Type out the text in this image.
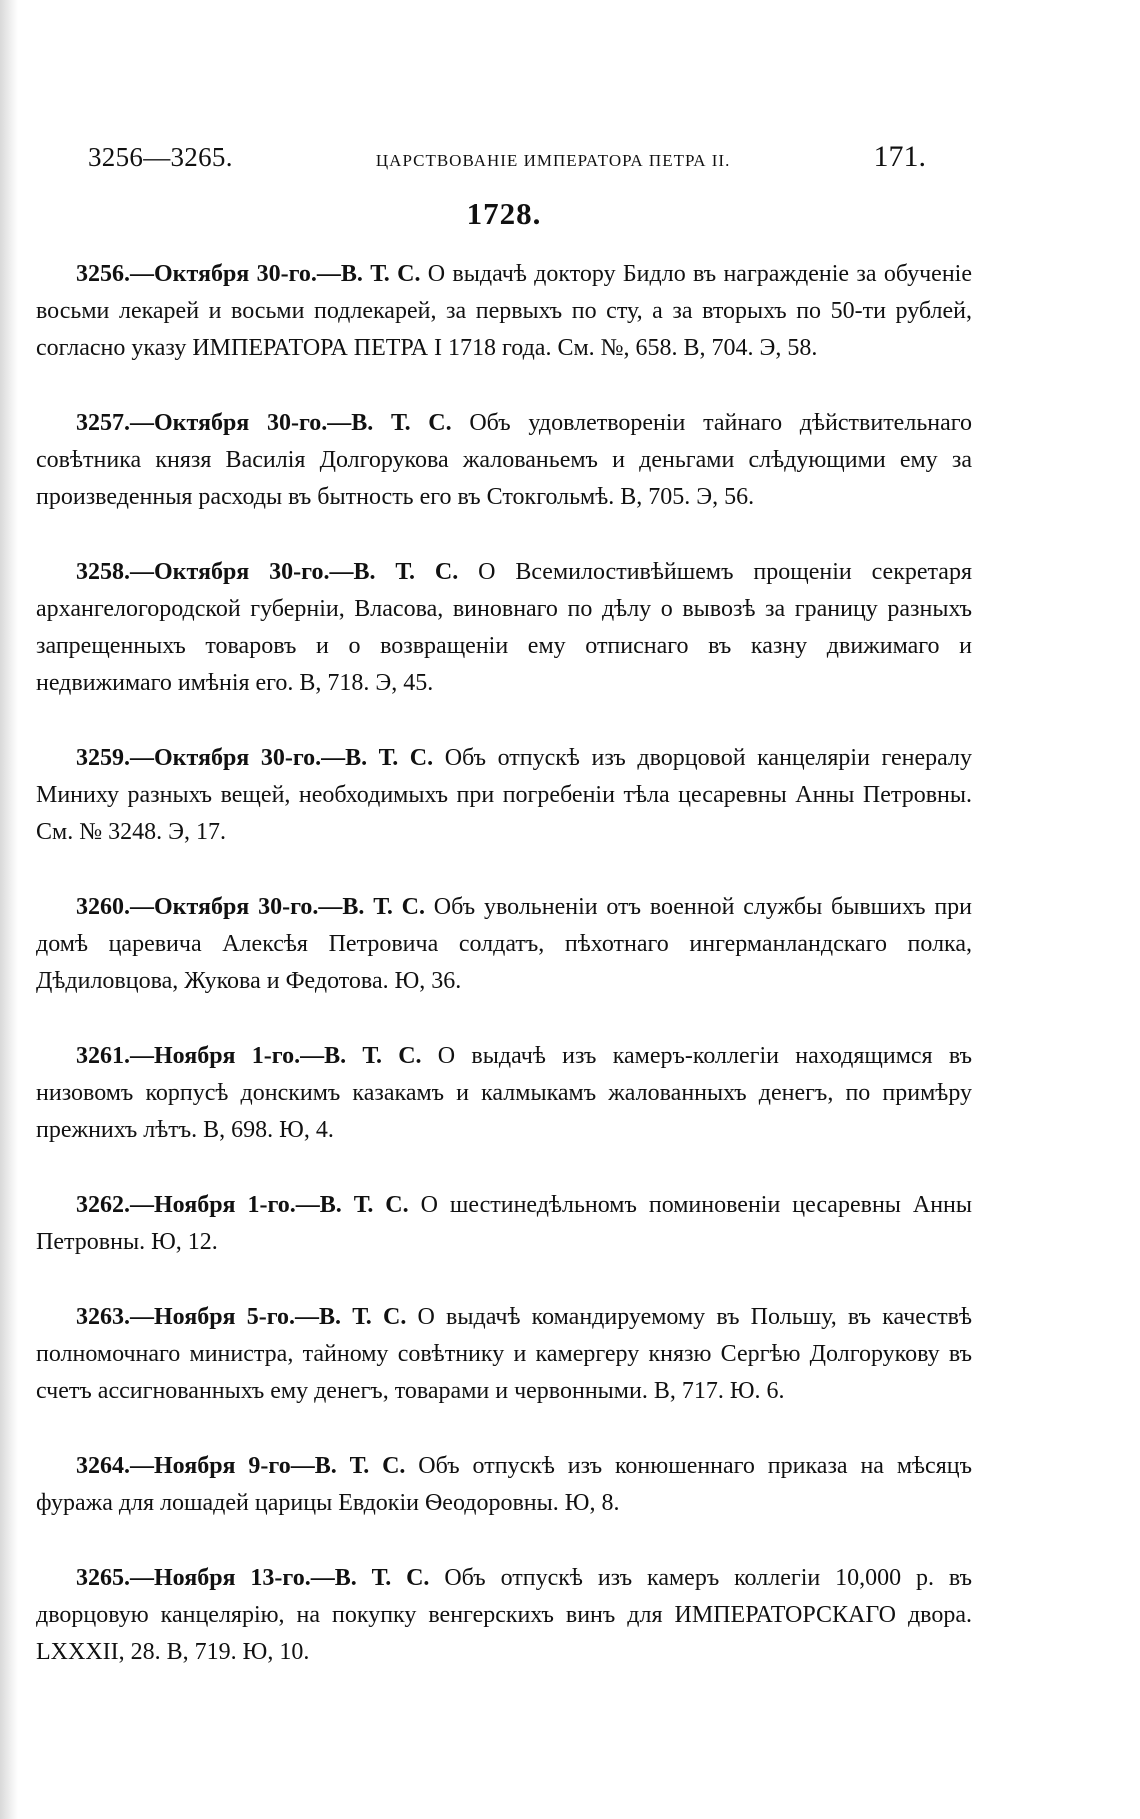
3256—3265.	ЦАРСТВОВАНІЕ ИМПЕРАТОРА ПЕТРА II.	171.
1728.

3256.—Октября 30-го.—В. Т. С. О выдачѣ доктору Бидло въ награжденіе за обученіе восьми лекарей и восьми подлекарей, за первыхъ по сту, а за вторыхъ по 50-ти рублей, согласно указу ИМПЕРАТОРА ПЕТРА I 1718 года. См. №, 658. В, 704. Э, 58.

3257.—Октября 30-го.—В. Т. С. Объ удовлетвореніи тайнаго дѣйствительнаго совѣтника князя Василія Долгорукова жалованьемъ и деньгами слѣдующими ему за произведенныя расходы въ бытность его въ Стокгольмѣ. В, 705. Э, 56.

3258.—Октября 30-го.—В. Т. С. О Всемилостивѣйшемъ прощеніи секретаря архангелогородской губерніи, Власова, виновнаго по дѣлу о вывозѣ за границу разныхъ запрещенныхъ товаровъ и о возвращеніи ему отписнаго въ казну движимаго и недвижимаго имѣнія его. В, 718. Э, 45.

3259.—Октября 30-го.—В. Т. С. Объ отпускѣ изъ дворцовой канцеляріи генералу Миниху разныхъ вещей, необходимыхъ при погребеніи тѣла цесаревны Анны Петровны. См. № 3248. Э, 17.

3260.—Октября 30-го.—В. Т. С. Объ увольненіи отъ военной службы бывшихъ при домѣ царевича Алексѣя Петровича солдатъ, пѣхотнаго ингерманландскаго полка, Дѣдиловцова, Жукова и Федотова. Ю, 36.

3261.—Ноября 1-го.—В. Т. С. О выдачѣ изъ камеръ-коллегіи находящимся въ низовомъ корпусѣ донскимъ казакамъ и калмыкамъ жалованныхъ денегъ, по примѣру прежнихъ лѣтъ. В, 698. Ю, 4.

3262.—Ноября 1-го.—В. Т. С. О шестинедѣльномъ поминовеніи цесаревны Анны Петровны. Ю, 12.

3263.—Ноября 5-го.—В. Т. С. О выдачѣ командируемому въ Польшу, въ качествѣ полномочнаго министра, тайному совѣтнику и камергеру князю Сергѣю Долгорукову въ счетъ ассигнованныхъ ему денегъ, товарами и червонными. В, 717. Ю. 6.

3264.—Ноября 9-го—В. Т. С. Объ отпускѣ изъ конюшеннаго приказа на мѣсяцъ фуража для лошадей царицы Евдокіи Ѳеодоровны. Ю, 8.

3265.—Ноября 13-го.—В. Т. С. Объ отпускѣ изъ камеръ коллегіи 10,000 р. въ дворцовую канцелярію, на покупку венгерскихъ винъ для ИМПЕРАТОРСКАГО двора. LXXXII, 28. В, 719. Ю, 10.
